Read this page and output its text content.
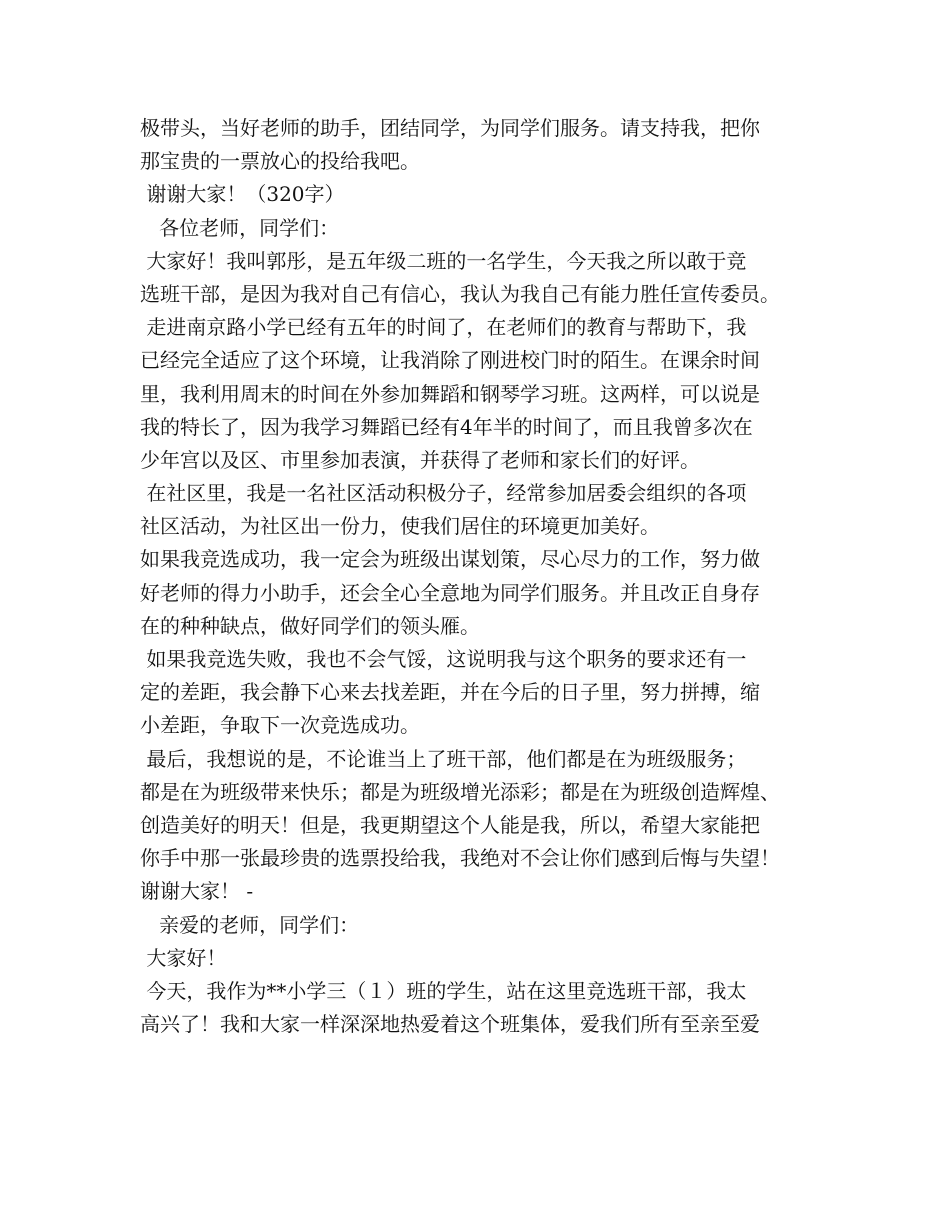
极带头，当好老师的助手，团结同学，为同学们服务。请支持我，把你
那宝贵的一票放心的投给我吧。
谢谢大家！（320字）
各位老师，同学们：
大家好！我叫郭彤，是五年级二班的一名学生，今天我之所以敢于竞
选班干部，是因为我对自己有信心，我认为我自己有能力胜任宣传委员。
走进南京路小学已经有五年的时间了，在老师们的教育与帮助下，我
已经完全适应了这个环境，让我消除了刚进校门时的陌生。在课余时间
里，我利用周末的时间在外参加舞蹈和钢琴学习班。这两样，可以说是
我的特长了，因为我学习舞蹈已经有4年半的时间了，而且我曾多次在
少年宫以及区、市里参加表演，并获得了老师和家长们的好评。
在社区里，我是一名社区活动积极分子，经常参加居委会组织的各项
社区活动，为社区出一份力，使我们居住的环境更加美好。
如果我竞选成功，我一定会为班级出谋划策，尽心尽力的工作，努力做
好老师的得力小助手，还会全心全意地为同学们服务。并且改正自身存
在的种种缺点，做好同学们的领头雁。
如果我竞选失败，我也不会气馁，这说明我与这个职务的要求还有一
定的差距，我会静下心来去找差距，并在今后的日子里，努力拼搏，缩
小差距，争取下一次竞选成功。
最后，我想说的是，不论谁当上了班干部，他们都是在为班级服务；
都是在为班级带来快乐；都是为班级增光添彩；都是在为班级创造辉煌、
创造美好的明天！但是，我更期望这个人能是我，所以，希望大家能把
你手中那一张最珍贵的选票投给我，我绝对不会让你们感到后悔与失望！
谢谢大家！ -
亲爱的老师，同学们：
大家好！
今天，我作为**小学三（１）班的学生，站在这里竞选班干部，我太
高兴了！我和大家一样深深地热爱着这个班集体，爱我们所有至亲至爱
